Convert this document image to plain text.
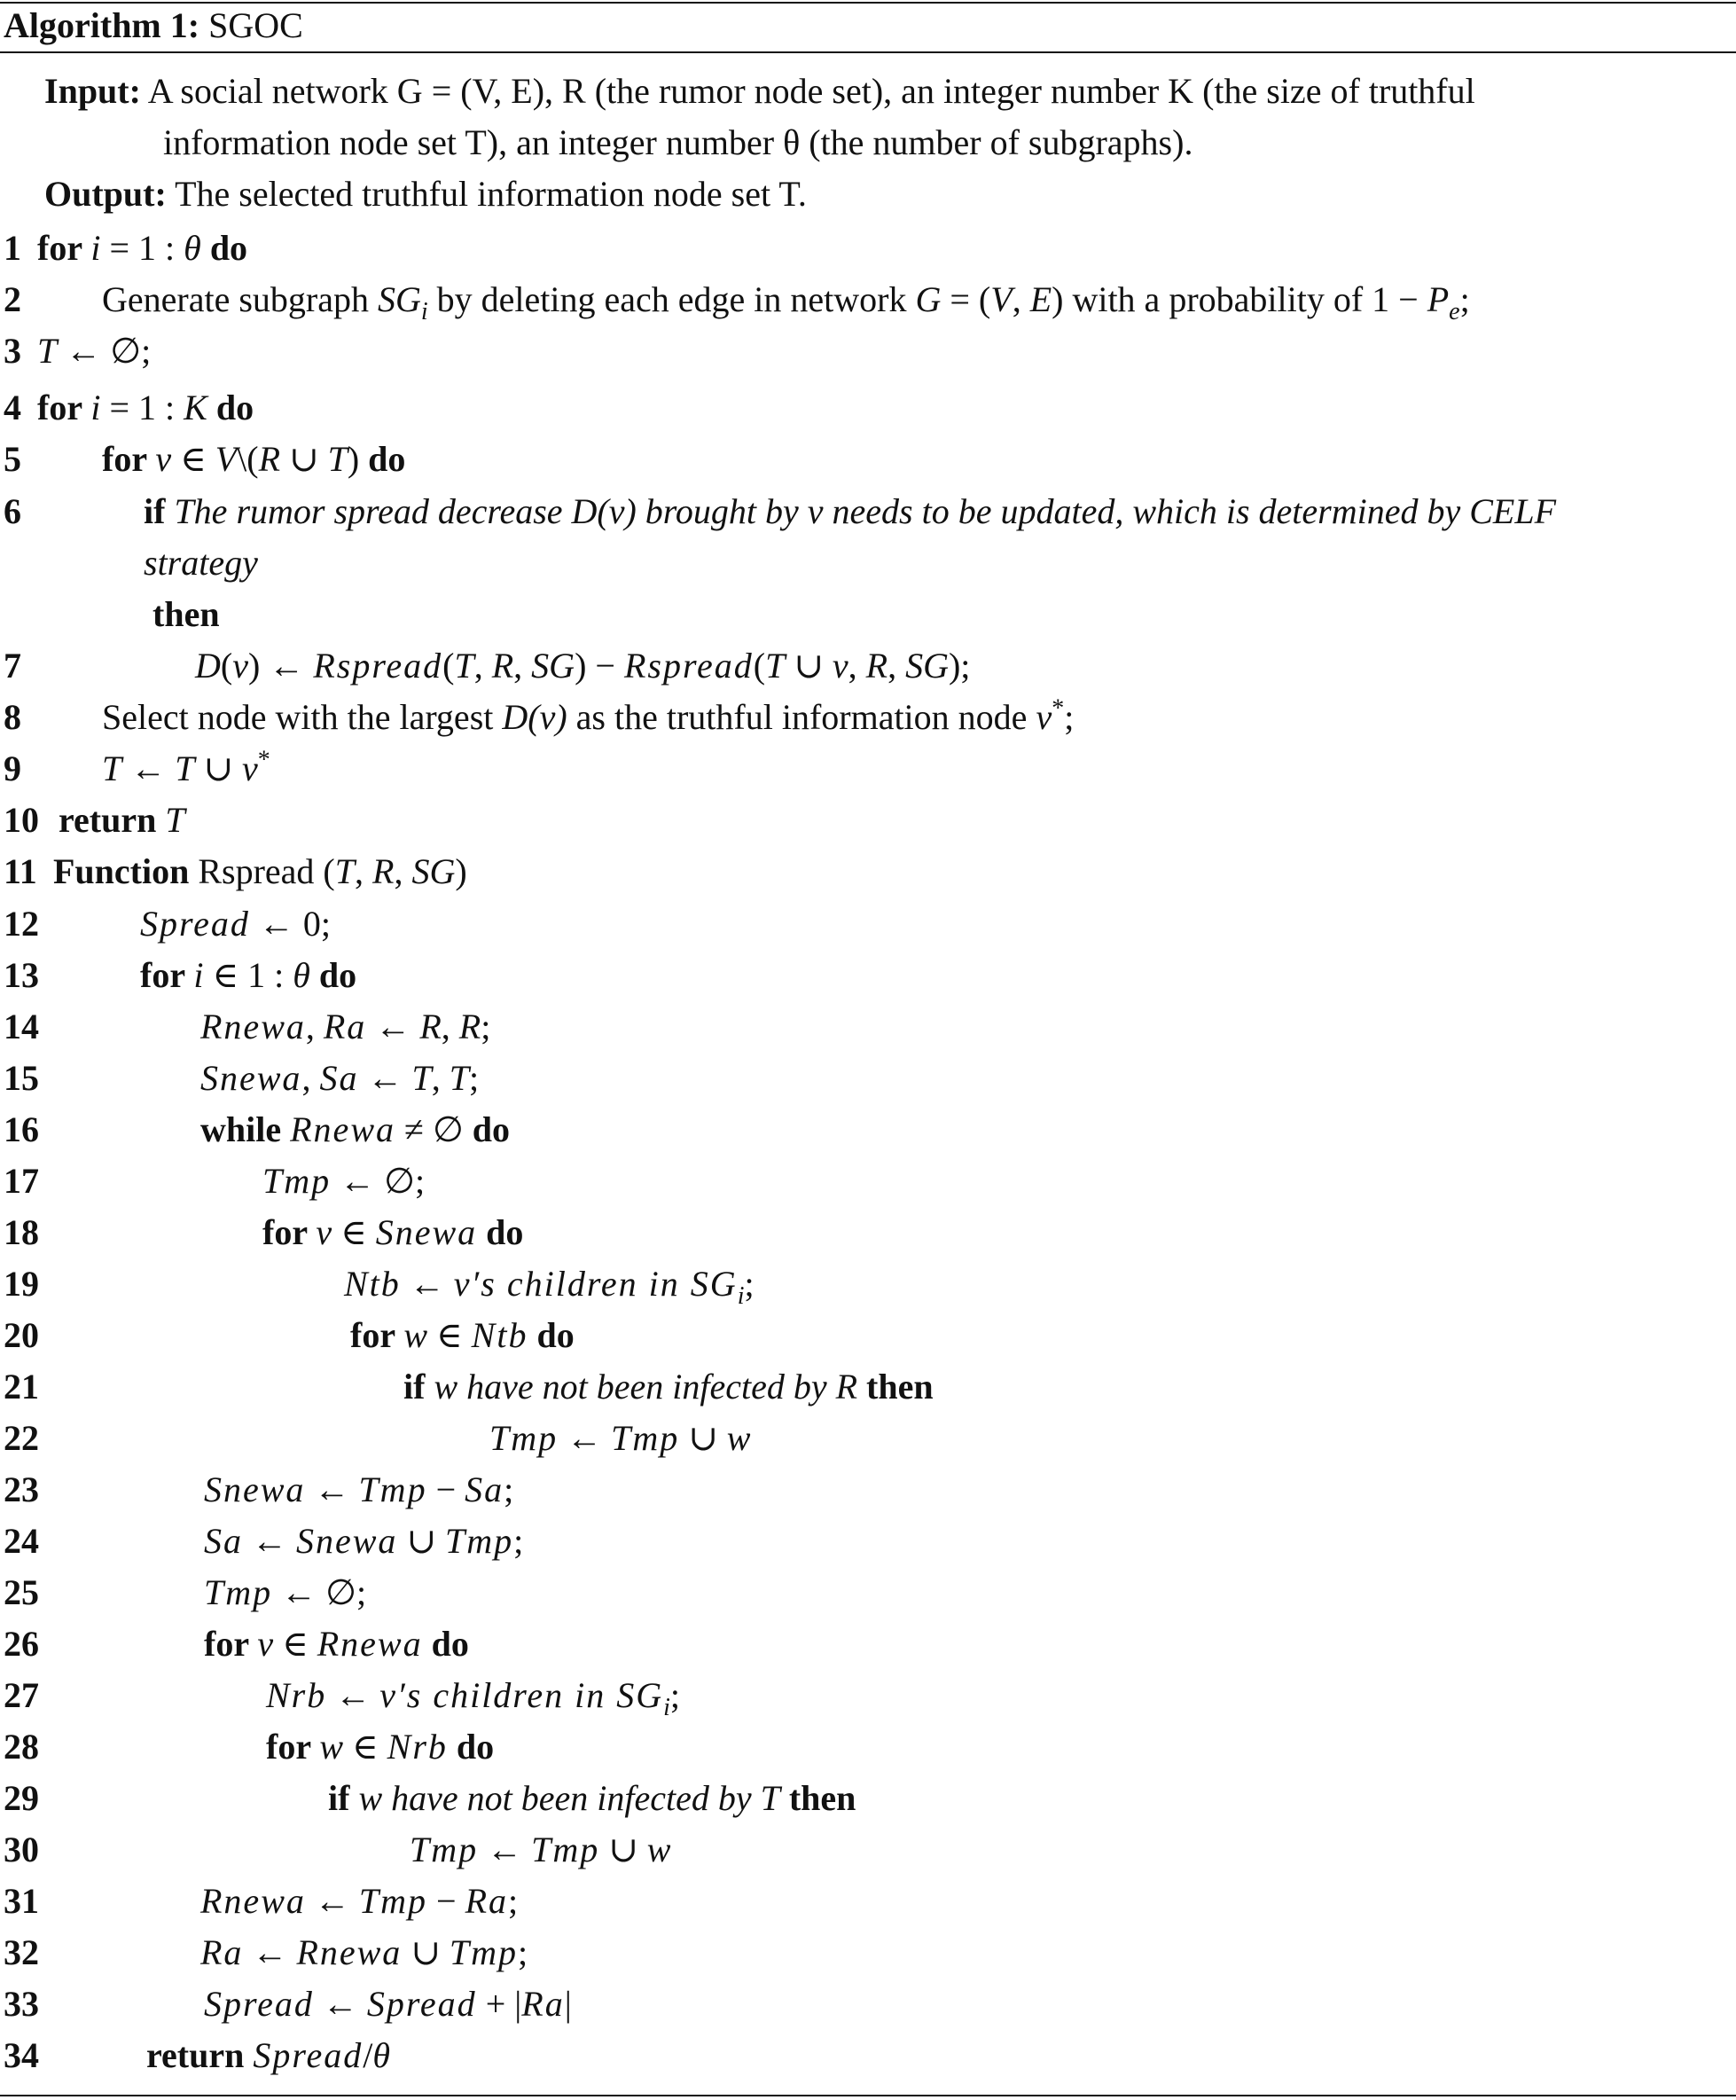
Algorithm 1: SGOC
Input: A social network G = (V, E), R (the rumor node set), an integer number K (the size of truthful
information node set T), an integer number θ (the number of subgraphs).
Output: The selected truthful information node set T.
1 for i = 1 : θ do
2 Generate subgraph $SG_i$ by deleting each edge in network G = (V, E) with a probability of $1 - P_e$;
3 T ← ∅;
4 for i = 1 : K do
5 for v ∈ V\(R ∪ T) do
6	if The rumor spread decrease D(v) brought by v needs to be updated, which is determined by CELF
strategy
then
7	D(v) ← Rspread(T, R, SG) − Rspread(T ∪ v, R, SG);
8 Select node with the largest D(v) as the truthful information node v*;
9 T ← T ∪ v*
10 return T
11 Function Rspread (T, R, SG)
12	Spread ← 0;
13	for i ∈ 1 : θ do
14	Rnewa, Ra ← R, R;
15	Snewa, Sa ← T, T;
16	while Rnewa ≠ ∅ do
17	Tmp ← ∅;
18	for v ∈ Snewa do
19	Ntb ← v′s children in $SG_i$;
20	for w ∈ Ntb do
21	if w have not been infected by R then
22	Tmp ← Tmp ∪ w
23	Snewa ← Tmp − Sa;
24	Sa ← Snewa ∪ Tmp;
25	Tmp ← ∅;
26	for v ∈ Rnewa do
27	Nrb ← v′s children in $SG_i$;
28	for w ∈ Nrb do
29	if w have not been infected by T then
30	Tmp ← Tmp ∪ w
31	Rnewa ← Tmp − Ra;
32	Ra ← Rnewa ∪ Tmp;
33	Spread ← Spread + |Ra|
34	return Spread/θ
